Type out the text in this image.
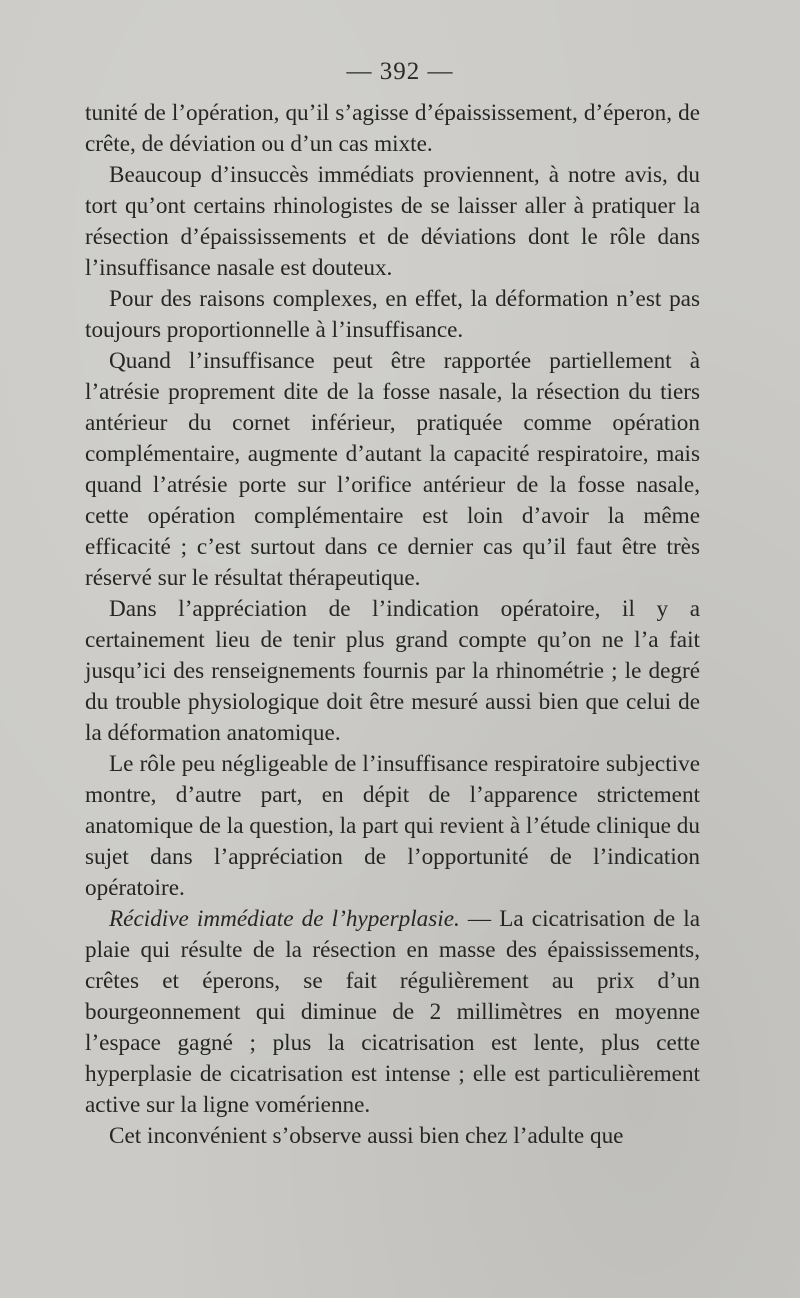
— 392 —

tunité de l’opération, qu’il s’agisse d’épaississement, d’éperon, de crête, de déviation ou d’un cas mixte.

Beaucoup d’insuccès immédiats proviennent, à notre avis, du tort qu’ont certains rhinologistes de se laisser aller à pratiquer la résection d’épaississements et de déviations dont le rôle dans l’insuffisance nasale est douteux.

Pour des raisons complexes, en effet, la déformation n’est pas toujours proportionnelle à l’insuffisance.

Quand l’insuffisance peut être rapportée partiellement à l’atrésie proprement dite de la fosse nasale, la résection du tiers antérieur du cornet inférieur, pratiquée comme opération complémentaire, augmente d’autant la capacité respiratoire, mais quand l’atrésie porte sur l’orifice antérieur de la fosse nasale, cette opération complémentaire est loin d’avoir la même efficacité ; c’est surtout dans ce dernier cas qu’il faut être très réservé sur le résultat thérapeutique.

Dans l’appréciation de l’indication opératoire, il y a certainement lieu de tenir plus grand compte qu’on ne l’a fait jusqu’ici des renseignements fournis par la rhinométrie ; le degré du trouble physiologique doit être mesuré aussi bien que celui de la déformation anatomique.

Le rôle peu négligeable de l’insuffisance respiratoire subjective montre, d’autre part, en dépit de l’apparence strictement anatomique de la question, la part qui revient à l’étude clinique du sujet dans l’appréciation de l’opportunité de l’indication opératoire.

Récidive immédiate de l’hyperplasie. — La cicatrisation de la plaie qui résulte de la résection en masse des épaississements, crêtes et éperons, se fait régulièrement au prix d’un bourgeonnement qui diminue de 2 millimètres en moyenne l’espace gagné ; plus la cicatrisation est lente, plus cette hyperplasie de cicatrisation est intense ; elle est particulièrement active sur la ligne vomérienne.

Cet inconvénient s’observe aussi bien chez l’adulte que
